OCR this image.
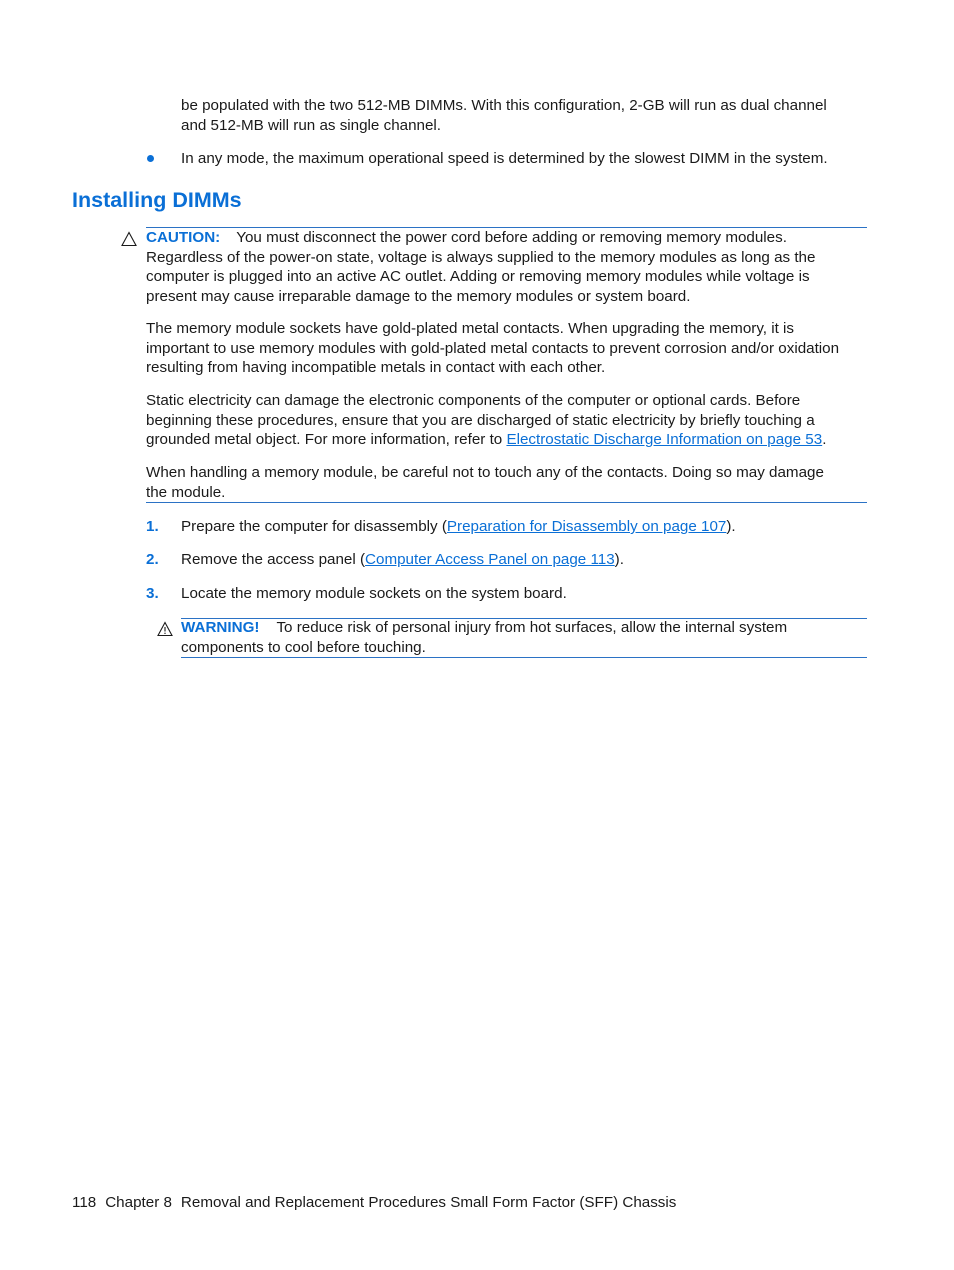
be populated with the two 512-MB DIMMs. With this configuration, 2-GB will run as dual channel
and 512-MB will run as single channel.
In any mode, the maximum operational speed is determined by the slowest DIMM in the system.
Installing DIMMs
CAUTION: You must disconnect the power cord before adding or removing memory modules.
Regardless of the power-on state, voltage is always supplied to the memory modules as long as the
computer is plugged into an active AC outlet. Adding or removing memory modules while voltage is
present may cause irreparable damage to the memory modules or system board.
The memory module sockets have gold-plated metal contacts. When upgrading the memory, it is
important to use memory modules with gold-plated metal contacts to prevent corrosion and/or oxidation
resulting from having incompatible metals in contact with each other.
Static electricity can damage the electronic components of the computer or optional cards. Before
beginning these procedures, ensure that you are discharged of static electricity by briefly touching a
grounded metal object. For more information, refer to Electrostatic Discharge Information on page 53.
When handling a memory module, be careful not to touch any of the contacts. Doing so may damage
the module.
1. Prepare the computer for disassembly (Preparation for Disassembly on page 107).
2. Remove the access panel (Computer Access Panel on page 113).
3. Locate the memory module sockets on the system board.
WARNING! To reduce risk of personal injury from hot surfaces, allow the internal system
components to cool before touching.
118 Chapter 8 Removal and Replacement Procedures Small Form Factor (SFF) Chassis
